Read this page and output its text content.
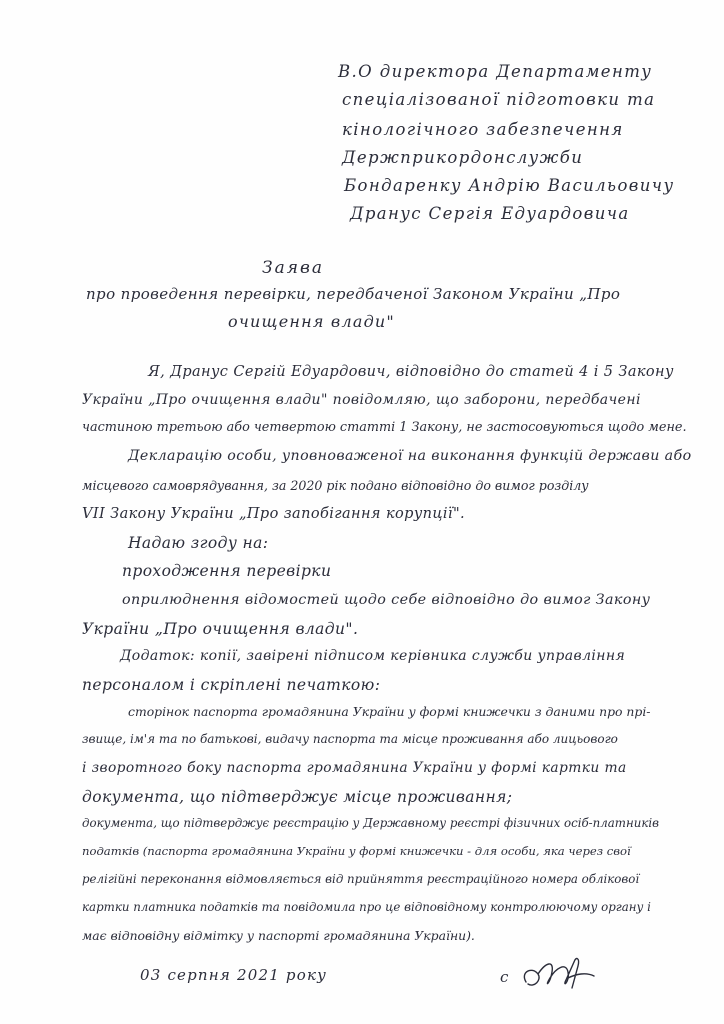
В.О директора Департаменту
спеціалізованої підготовки та
кінологічного забезпечення
Держприкордонслужби
Бондаренку Андрію Васильовичу
Дранус Сергія Едуардовича
Заява
про проведення перевірки, передбаченої Законом України „Про
очищення влади"
Я, Дранус Сергій Едуардович, відповідно до статей 4 і 5 Закону
України „Про очищення влади" повідомляю, що заборони, передбачені
частиною третьою або четвертою статті 1 Закону, не застосовуються щодо мене.
Декларацію особи, уповноваженої на виконання функцій держави або
місцевого самоврядування, за 2020 рік подано відповідно до вимог розділу
VII Закону України „Про запобігання корупції".
Надаю згоду на:
проходження перевірки
оприлюднення відомостей щодо себе відповідно до вимог Закону
України „Про очищення влади".
Додаток: копії, завірені підписом керівника служби управління
персоналом і скріплені печаткою:
сторінок паспорта громадянина України у формі книжечки з даними про прі-
звище, ім'я та по батькові, видачу паспорта та місце проживання або лицьового
і зворотного боку паспорта громадянина України у формі картки та
документа, що підтверджує місце проживання;
документа, що підтверджує реєстрацію у Державному реєстрі фізичних осіб-платників
податків (паспорта громадянина України у формі книжечки - для особи, яка через свої
релігійні переконання відмовляється від прийняття реєстраційного номера облікової
картки платника податків та повідомила про це відповідному контролюючому органу і
має відповідну відмітку у паспорті громадянина України).
03 серпня 2021 року	с
